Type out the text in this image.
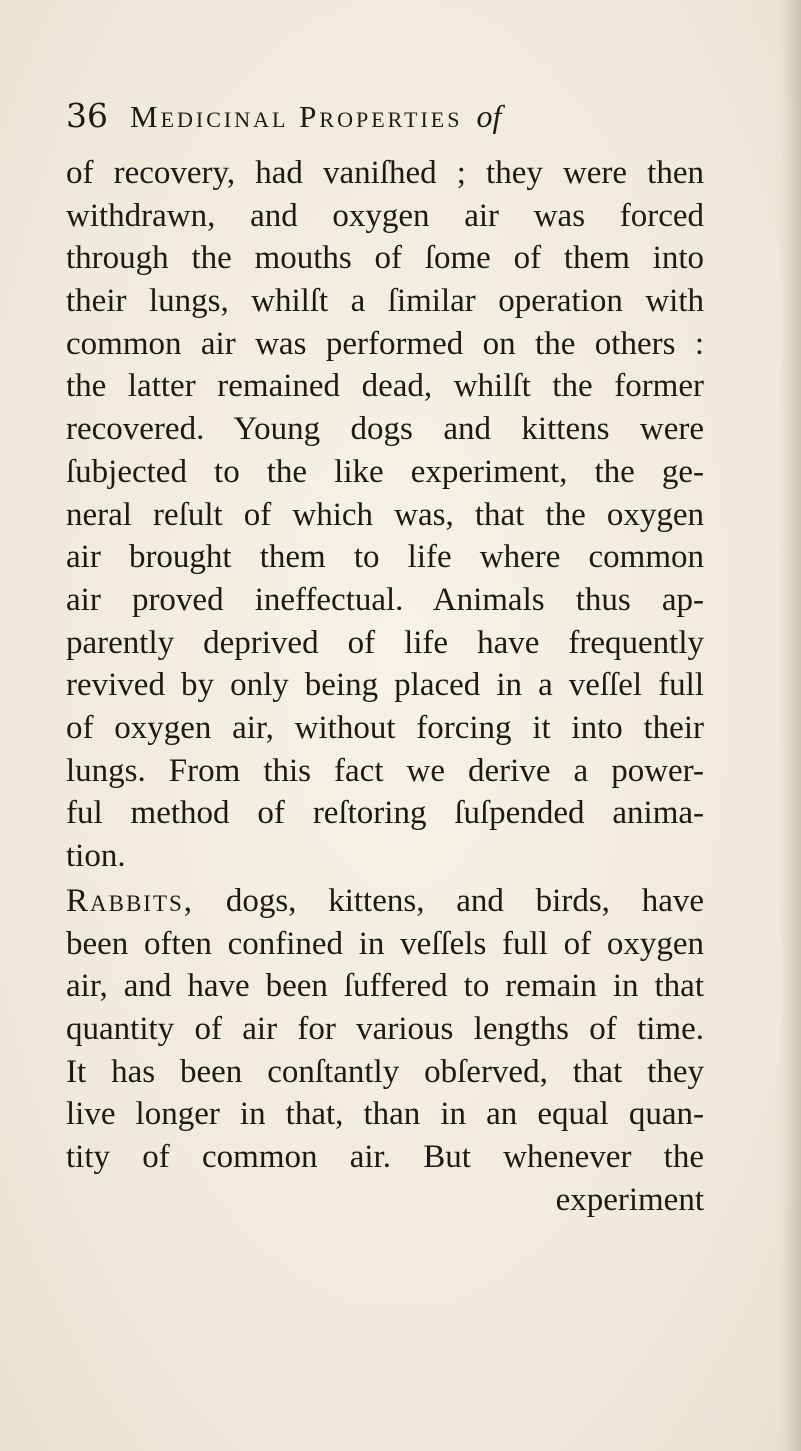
36 Medicinal Properties of
of recovery, had vaniſhed ; they were then
withdrawn, and oxygen air was forced
through the mouths of ſome of them into
their lungs, whilſt a ſimilar operation with
common air was performed on the others :
the latter remained dead, whilſt the former
recovered. Young dogs and kittens were
ſubjected to the like experiment, the ge-
neral reſult of which was, that the oxygen
air brought them to life where common
air proved ineffectual. Animals thus ap-
parently deprived of life have frequently
revived by only being placed in a veſſel full
of oxygen air, without forcing it into their
lungs. From this fact we derive a power-
ful method of reſtoring ſuſpended anima-
tion.
Rabbits, dogs, kittens, and birds, have
been often confined in veſſels full of oxygen
air, and have been ſuffered to remain in that
quantity of air for various lengths of time.
It has been conſtantly obſerved, that they
live longer in that, than in an equal quan-
tity of common air. But whenever the
experiment
